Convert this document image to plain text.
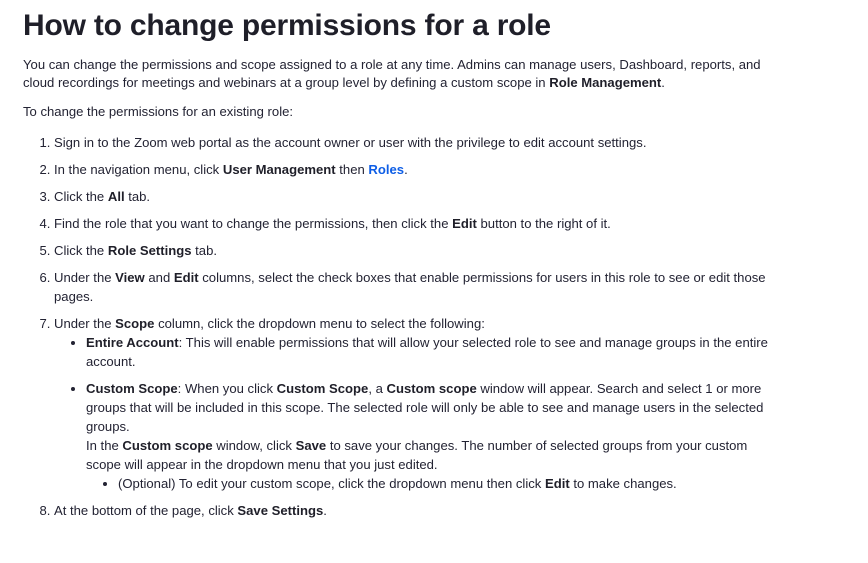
How to change permissions for a role

You can change the permissions and scope assigned to a role at any time. Admins can manage users, Dashboard, reports, and cloud recordings for meetings and webinars at a group level by defining a custom scope in Role Management.

To change the permissions for an existing role:

1. Sign in to the Zoom web portal as the account owner or user with the privilege to edit account settings.
2. In the navigation menu, click User Management then Roles.
3. Click the All tab.
4. Find the role that you want to change the permissions, then click the Edit button to the right of it.
5. Click the Role Settings tab.
6. Under the View and Edit columns, select the check boxes that enable permissions for users in this role to see or edit those pages.
7. Under the Scope column, click the dropdown menu to select the following:
• Entire Account: This will enable permissions that will allow your selected role to see and manage groups in the entire account.
• Custom Scope: When you click Custom Scope, a Custom scope window will appear. Search and select 1 or more groups that will be included in this scope. The selected role will only be able to see and manage users in the selected groups.
In the Custom scope window, click Save to save your changes. The number of selected groups from your custom scope will appear in the dropdown menu that you just edited.
• (Optional) To edit your custom scope, click the dropdown menu then click Edit to make changes.
8. At the bottom of the page, click Save Settings.
